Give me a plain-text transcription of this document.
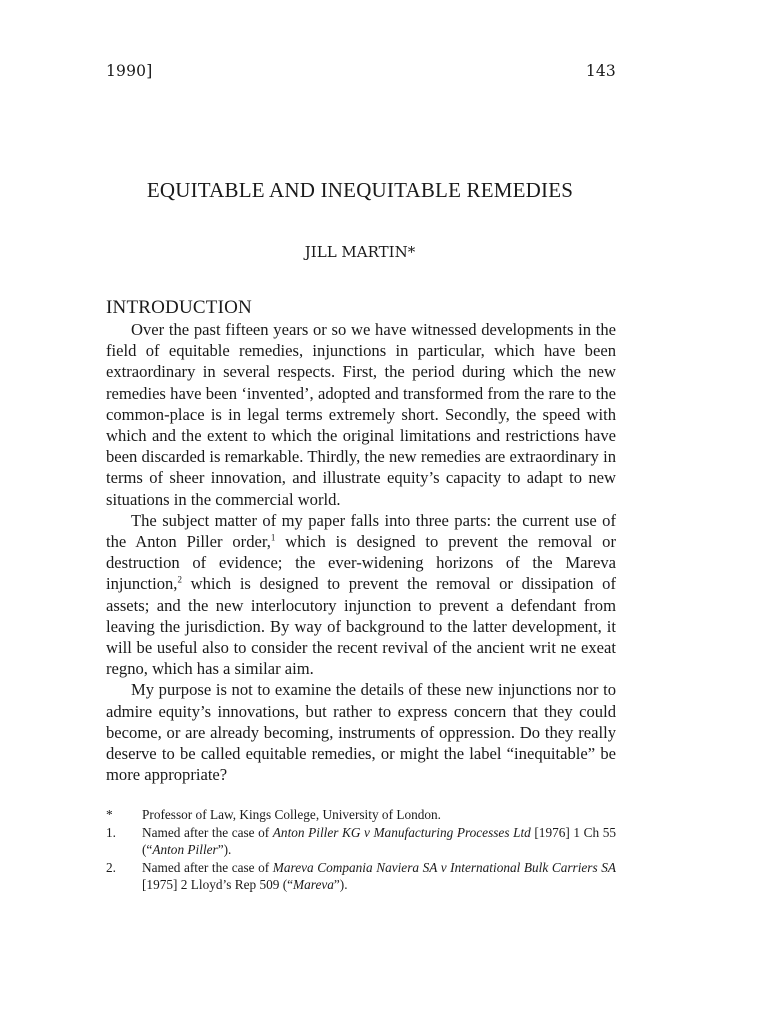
1990]	143
EQUITABLE AND INEQUITABLE REMEDIES
JILL MARTIN*
INTRODUCTION

Over the past fifteen years or so we have witnessed developments in the field of equitable remedies, injunctions in particular, which have been extraordinary in several respects. First, the period during which the new remedies have been ‘invented’, adopted and transformed from the rare to the common-place is in legal terms extremely short. Secondly, the speed with which and the extent to which the original limitations and restrictions have been discarded is remarkable. Thirdly, the new remedies are extraordinary in terms of sheer innovation, and illustrate equity’s capacity to adapt to new situations in the commercial world.

The subject matter of my paper falls into three parts: the current use of the Anton Piller order,$^1$ which is designed to prevent the removal or destruction of evidence; the ever-widening horizons of the Mareva injunction,$^2$ which is designed to prevent the removal or dissipation of assets; and the new interlocutory injunction to prevent a defendant from leaving the jurisdiction. By way of background to the latter development, it will be useful also to consider the recent revival of the ancient writ ne exeat regno, which has a similar aim.

My purpose is not to examine the details of these new injunctions nor to admire equity’s innovations, but rather to express concern that they could become, or are already becoming, instruments of oppression. Do they really deserve to be called equitable remedies, or might the label “inequitable” be more appropriate?

*	Professor of Law, Kings College, University of London.
1.	Named after the case of Anton Piller KG v Manufacturing Processes Ltd [1976] 1 Ch 55 (“Anton Piller”).
2.	Named after the case of Mareva Compania Naviera SA v International Bulk Carriers SA [1975] 2 Lloyd’s Rep 509 (“Mareva”).
